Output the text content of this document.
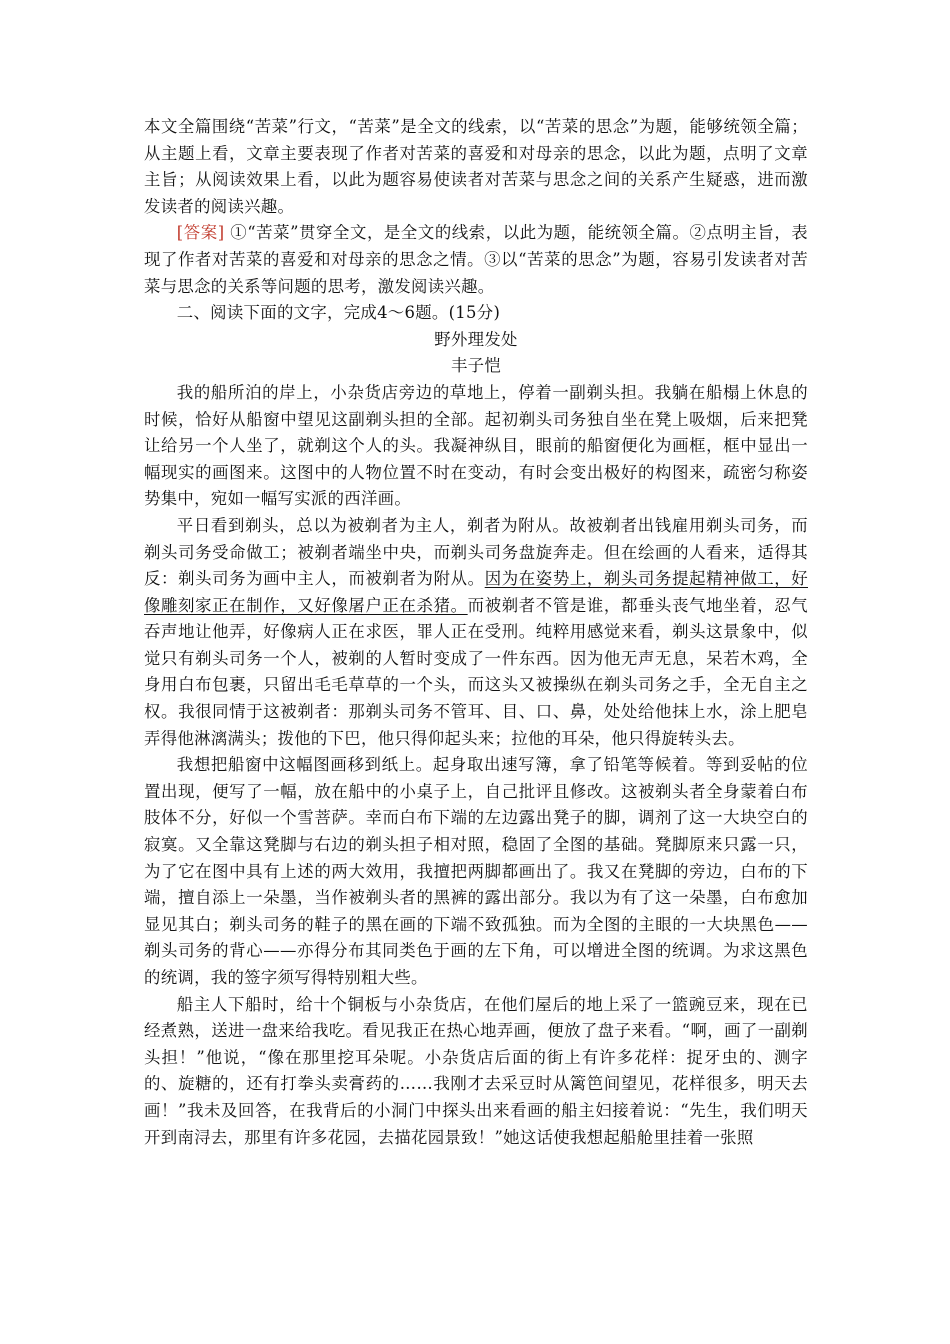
本文全篇围绕“苦菜”行文，“苦菜”是全文的线索，以“苦菜的思念”为题，能够统领全篇；从主题上看，文章主要表现了作者对苦菜的喜爱和对母亲的思念，以此为题，点明了文章主旨；从阅读效果上看，以此为题容易使读者对苦菜与思念之间的关系产生疑惑，进而激发读者的阅读兴趣。

[答案] ①“苦菜”贯穿全文，是全文的线索，以此为题，能统领全篇。②点明主旨，表现了作者对苦菜的喜爱和对母亲的思念之情。③以“苦菜的思念”为题，容易引发读者对苦菜与思念的关系等问题的思考，激发阅读兴趣。

二、阅读下面的文字，完成4～6题。(15分)

野外理发处

丰子恺

我的船所泊的岸上，小杂货店旁边的草地上，停着一副剃头担。我躺在船榻上休息的时候，恰好从船窗中望见这副剃头担的全部。起初剃头司务独自坐在凳上吸烟，后来把凳让给另一个人坐了，就剃这个人的头。我凝神纵目，眼前的船窗便化为画框，框中显出一幅现实的画图来。这图中的人物位置不时在变动，有时会变出极好的构图来，疏密匀称姿势集中，宛如一幅写实派的西洋画。

平日看到剃头，总以为被剃者为主人，剃者为附从。故被剃者出钱雇用剃头司务，而剃头司务受命做工；被剃者端坐中央，而剃头司务盘旋奔走。但在绘画的人看来，适得其反：剃头司务为画中主人，而被剃者为附从。因为在姿势上，剃头司务提起精神做工，好像雕刻家正在制作，又好像屠户正在杀猪。而被剃者不管是谁，都垂头丧气地坐着，忍气吞声地让他弄，好像病人正在求医，罪人正在受刑。纯粹用感觉来看，剃头这景象中，似觉只有剃头司务一个人，被剃的人暂时变成了一件东西。因为他无声无息，呆若木鸡，全身用白布包裹，只留出毛毛草草的一个头，而这头又被操纵在剃头司务之手，全无自主之权。我很同情于这被剃者：那剃头司务不管耳、目、口、鼻，处处给他抹上水，涂上肥皂弄得他淋漓满头；拨他的下巴，他只得仰起头来；拉他的耳朵，他只得旋转头去。

我想把船窗中这幅图画移到纸上。起身取出速写簿，拿了铅笔等候着。等到妥帖的位置出现，便写了一幅，放在船中的小桌子上，自己批评且修改。这被剃头者全身蒙着白布肢体不分，好似一个雪菩萨。幸而白布下端的左边露出凳子的脚，调剂了这一大块空白的寂寞。又全靠这凳脚与右边的剃头担子相对照，稳固了全图的基础。凳脚原来只露一只，为了它在图中具有上述的两大效用，我擅把两脚都画出了。我又在凳脚的旁边，白布的下端，擅自添上一朵墨，当作被剃头者的黑裤的露出部分。我以为有了这一朵墨，白布愈加显见其白；剃头司务的鞋子的黑在画的下端不致孤独。而为全图的主眼的一大块黑色——剃头司务的背心——亦得分布其同类色于画的左下角，可以增进全图的统调。为求这黑色的统调，我的签字须写得特别粗大些。

船主人下船时，给十个铜板与小杂货店，在他们屋后的地上采了一篮豌豆来，现在已经煮熟，送进一盘来给我吃。看见我正在热心地弄画，便放了盘子来看。“啊，画了一副剃头担！”他说，“像在那里挖耳朵呢。小杂货店后面的街上有许多花样：捉牙虫的、测字的、旋糖的，还有打拳头卖膏药的……我刚才去采豆时从篱笆间望见，花样很多，明天去画！”我未及回答，在我背后的小洞门中探头出来看画的船主妇接着说：“先生，我们明天开到南浔去，那里有许多花园，去描花园景致！”她这话使我想起船舱里挂着一张照
